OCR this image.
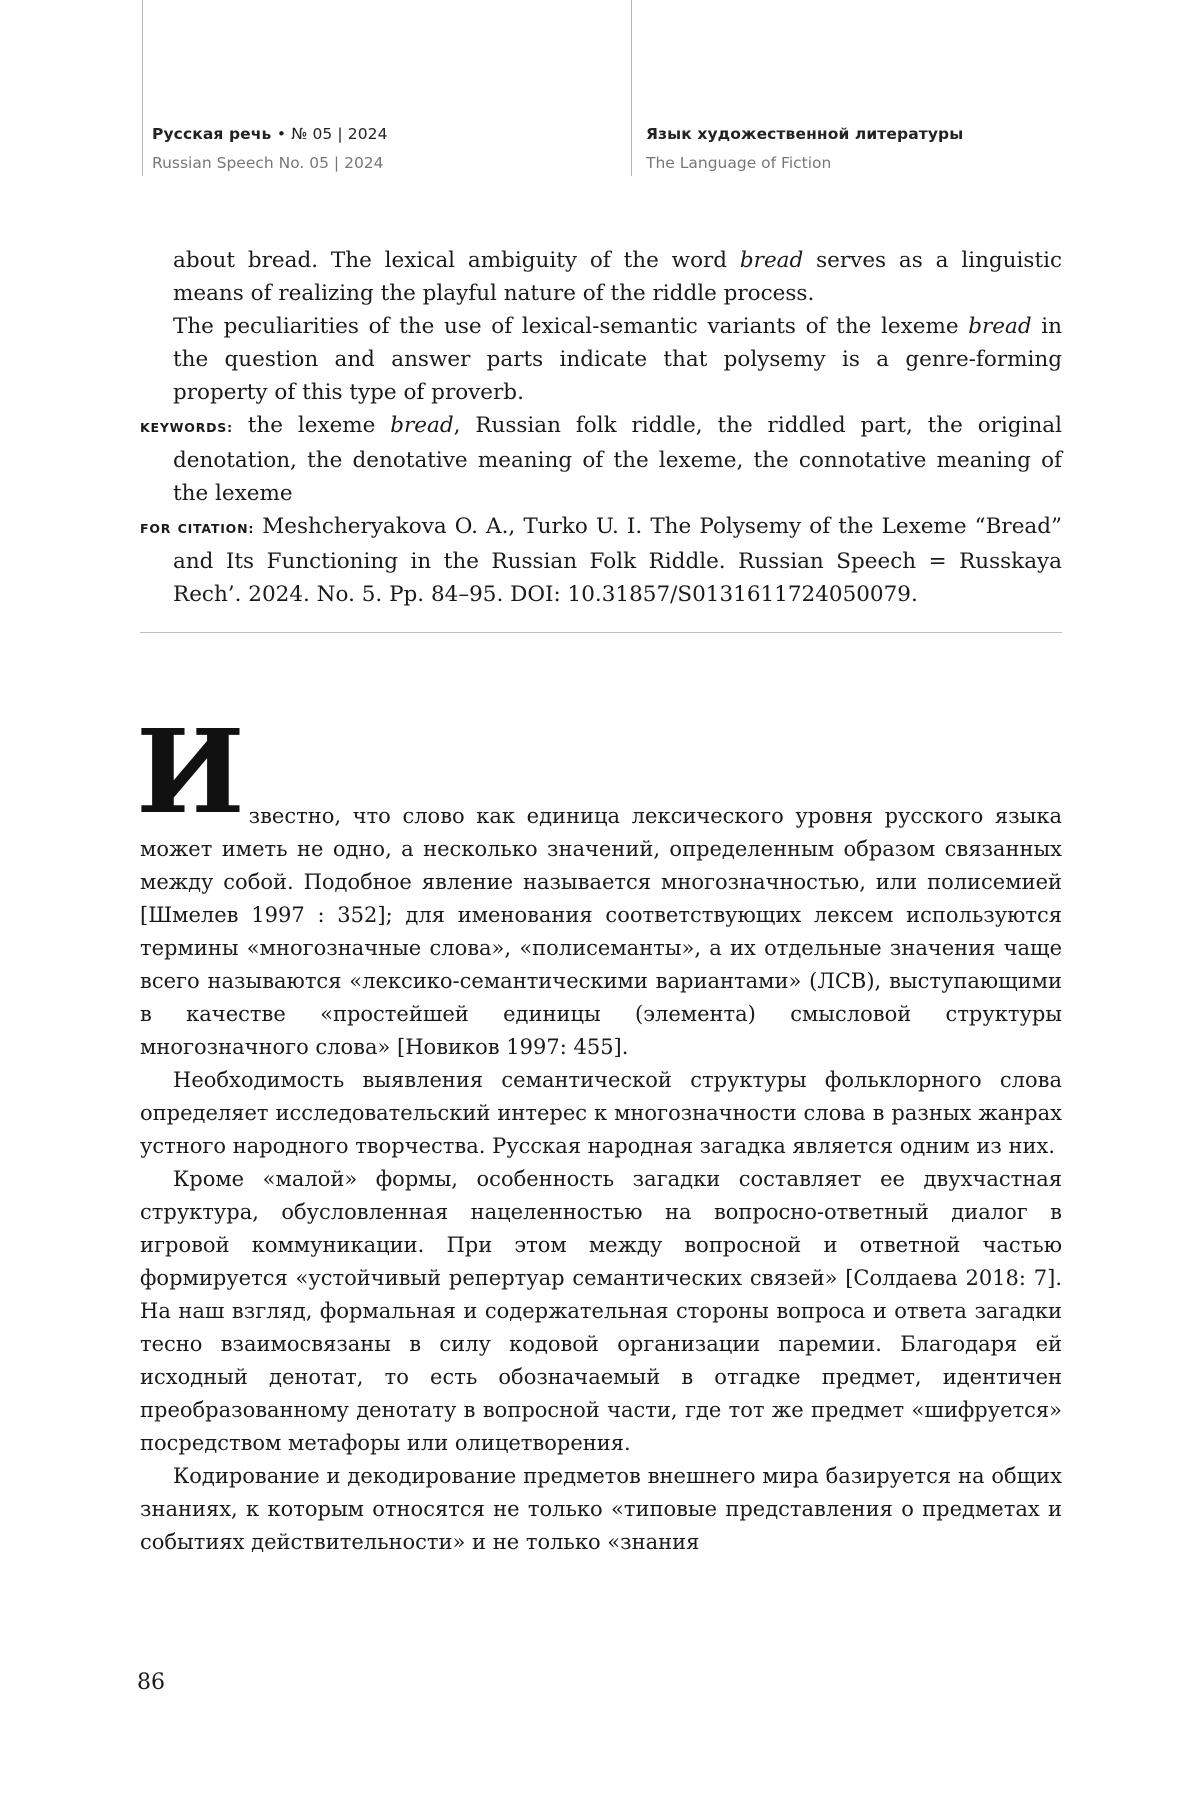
Русская речь • № 05 | 2024
Russian Speech No. 05 | 2024
Язык художественной литературы
The Language of Fiction

about bread. The lexical ambiguity of the word bread serves as a linguistic means of realizing the playful nature of the riddle process.

The peculiarities of the use of lexical-semantic variants of the lexeme bread in the question and answer parts indicate that polysemy is a genre-forming property of this type of proverb.

KEYWORDS: the lexeme bread, Russian folk riddle, the riddled part, the original denotation, the denotative meaning of the lexeme, the connotative meaning of the lexeme

FOR CITATION: Meshcheryakova O. A., Turko U. I. The Polysemy of the Lexeme “Bread” and Its Functioning in the Russian Folk Riddle. Russian Speech = Russkaya Rech’. 2024. No. 5. Pp. 84–95. DOI: 10.31857/S0131611724050079.

Известно, что слово как единица лексического уровня русского языка может иметь не одно, а несколько значений, определенным образом связанных между собой. Подобное явление называется многозначностью, или полисемией [Шмелев 1997 : 352]; для именования соответствующих лексем используются термины «многозначные слова», «полисеманты», а их отдельные значения чаще всего называются «лексико-семантическими вариантами» (ЛСВ), выступающими в качестве «простейшей единицы (элемента) смысловой структуры многозначного слова» [Новиков 1997: 455].

Необходимость выявления семантической структуры фольклорного слова определяет исследовательский интерес к многозначности слова в разных жанрах устного народного творчества. Русская народная загадка является одним из них.

Кроме «малой» формы, особенность загадки составляет ее двухчастная структура, обусловленная нацеленностью на вопросно-ответный диалог в игровой коммуникации. При этом между вопросной и ответной частью формируется «устойчивый репертуар семантических связей» [Солдаева 2018: 7]. На наш взгляд, формальная и содержательная стороны вопроса и ответа загадки тесно взаимосвязаны в силу кодовой организации паремии. Благодаря ей исходный денотат, то есть обозначаемый в отгадке предмет, идентичен преобразованному денотату в вопросной части, где тот же предмет «шифруется» посредством метафоры или олицетворения.

Кодирование и декодирование предметов внешнего мира базируется на общих знаниях, к которым относятся не только «типовые представления о предметах и событиях действительности» и не только «знания

86
